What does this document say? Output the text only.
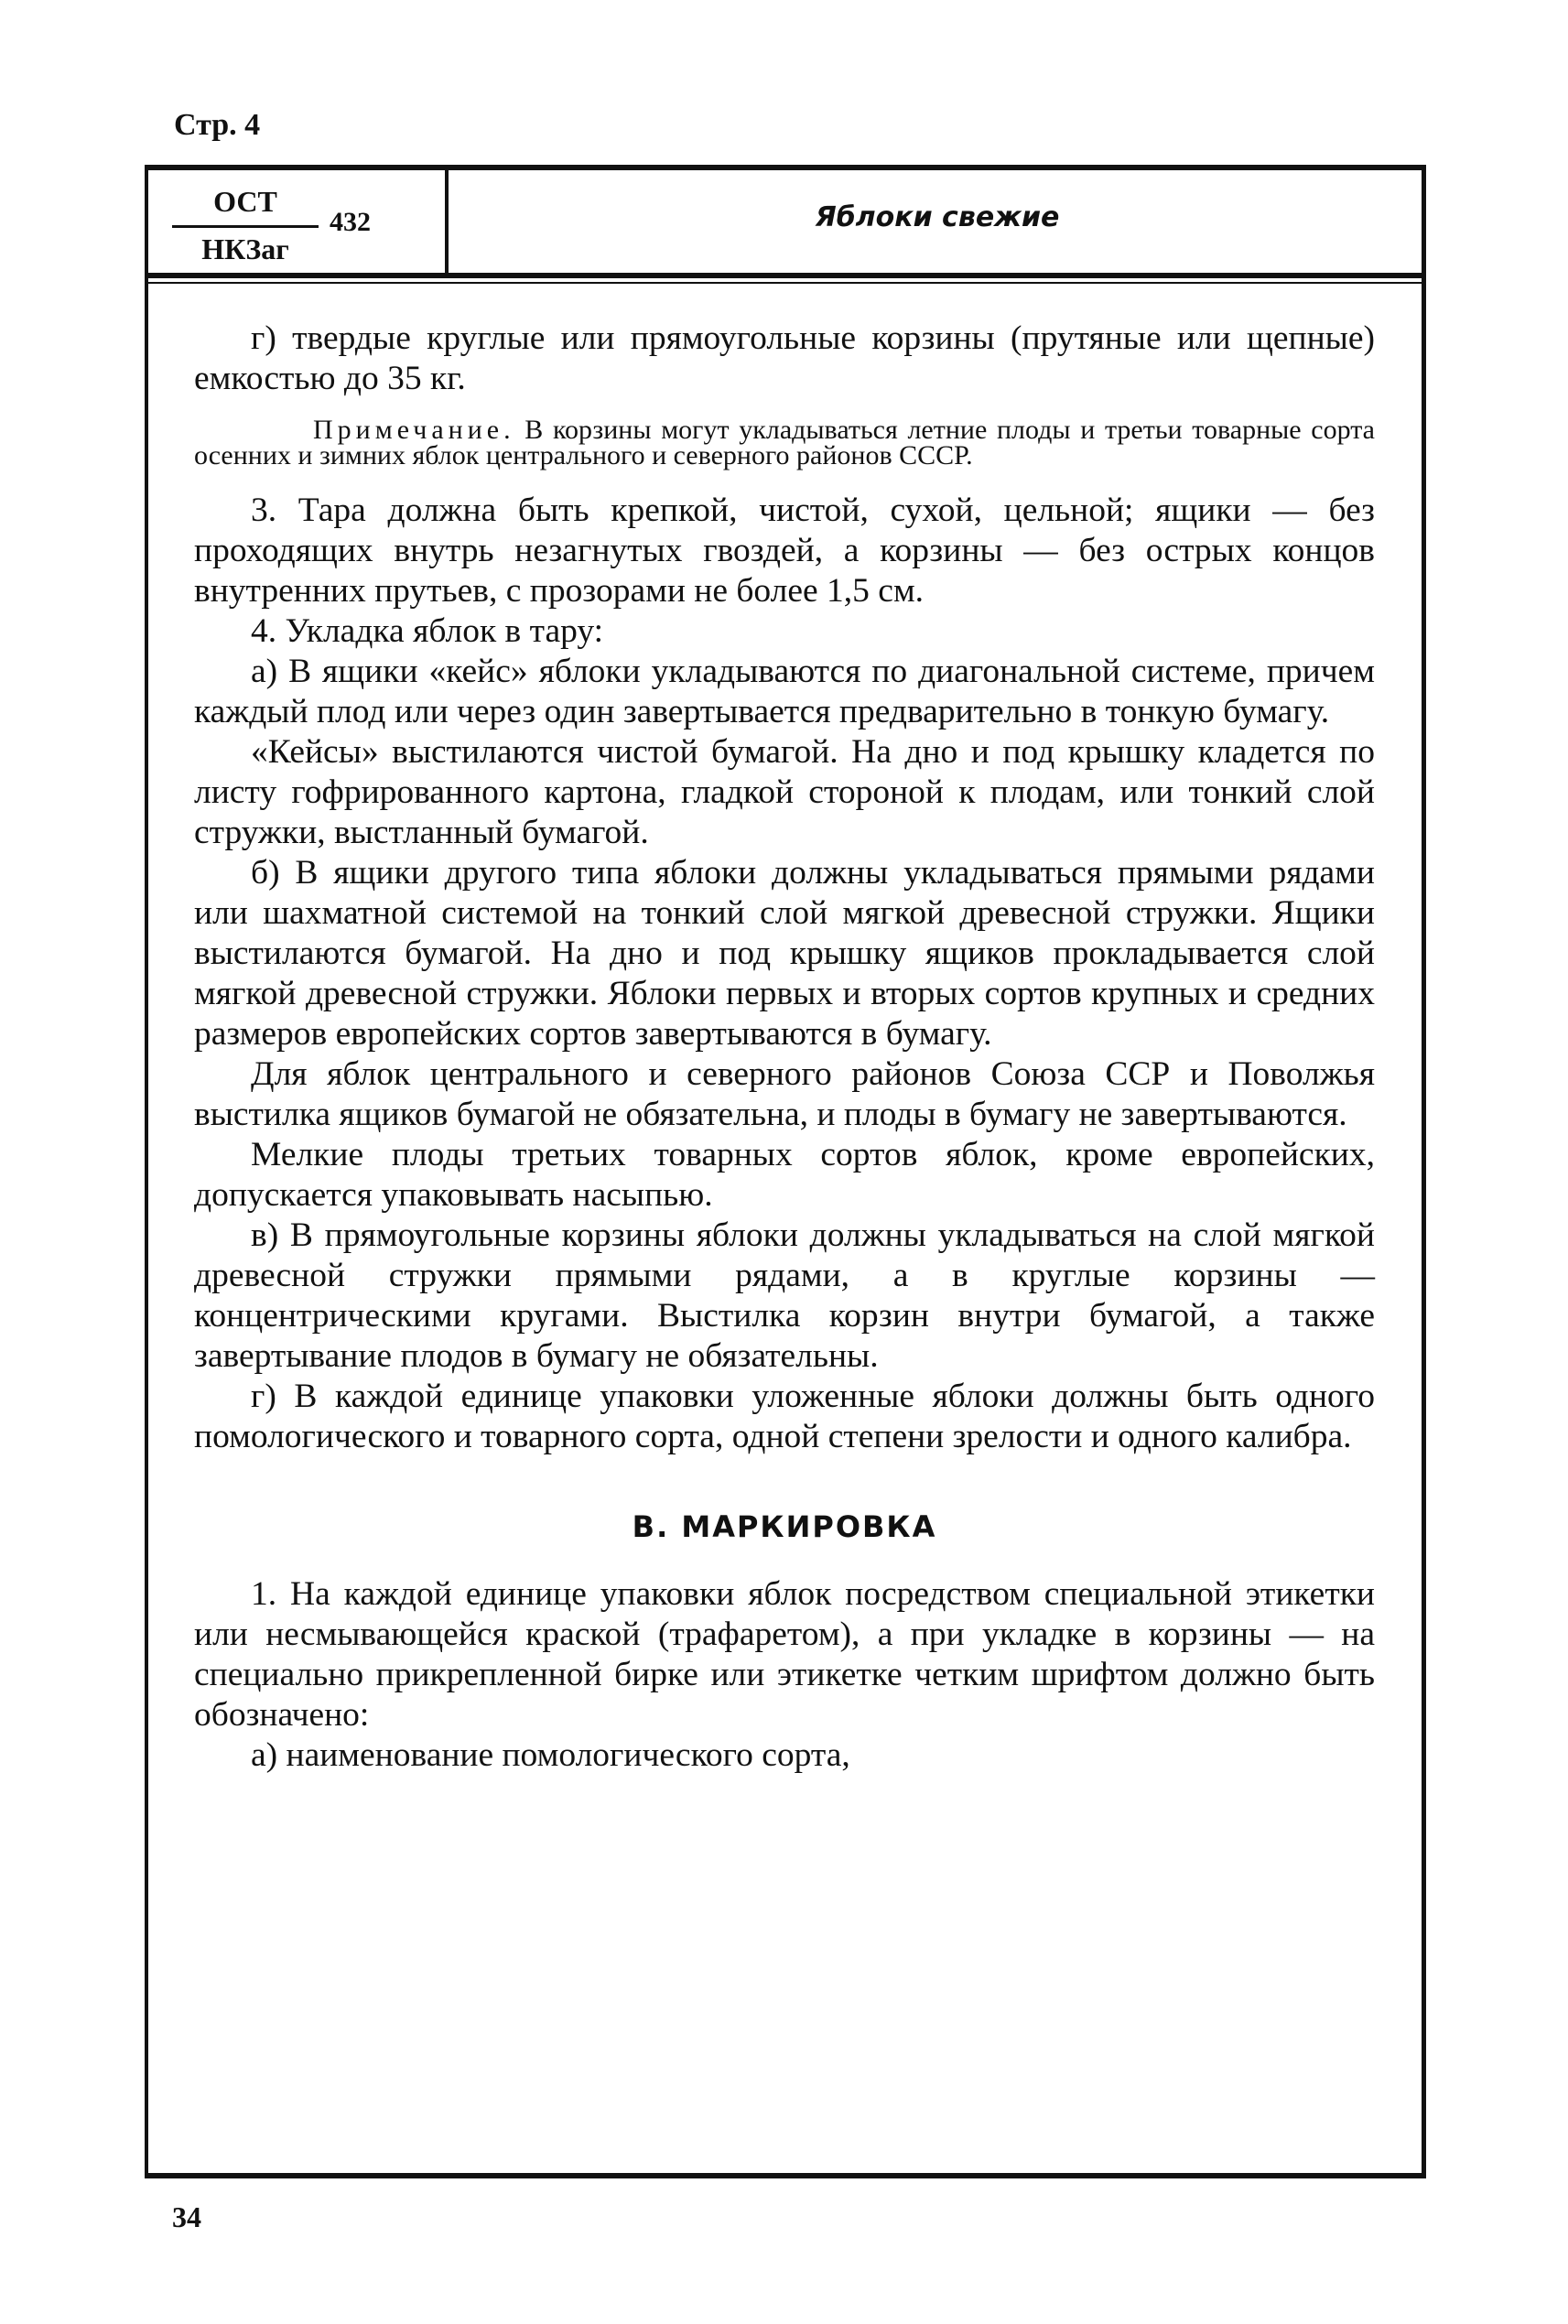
Стр. 4
ОСТ
НКЗаг
432	Яблоки свежие

г) твердые круглые или прямоугольные корзины (прутяные или щепные) емкостью до 35 кг.

Примечание. В корзины могут укладываться летние плоды и третьи товарные сорта осенних и зимних яблок центрального и северного районов СССР.

3. Тара должна быть крепкой, чистой, сухой, цельной; ящики — без проходящих внутрь незагнутых гвоздей, а корзины — без острых концов внутренних прутьев, с прозорами не более 1,5 см.

4. Укладка яблок в тару:

а) В ящики «кейс» яблоки укладываются по диагональной системе, причем каждый плод или через один завертывается предварительно в тонкую бумагу.

«Кейсы» выстилаются чистой бумагой. На дно и под крышку кладется по листу гофрированного картона, гладкой стороной к плодам, или тонкий слой стружки, выстланный бумагой.

б) В ящики другого типа яблоки должны укладываться прямыми рядами или шахматной системой на тонкий слой мягкой древесной стружки. Ящики выстилаются бумагой. На дно и под крышку ящиков прокладывается слой мягкой древесной стружки. Яблоки первых и вторых сортов крупных и средних размеров европейских сортов завертываются в бумагу.

Для яблок центрального и северного районов Союза ССР и Поволжья выстилка ящиков бумагой не обязательна, и плоды в бумагу не завертываются.

Мелкие плоды третьих товарных сортов яблок, кроме европейских, допускается упаковывать насыпью.

в) В прямоугольные корзины яблоки должны укладываться на слой мягкой древесной стружки прямыми рядами, а в круглые корзины — концентрическими кругами. Выстилка корзин внутри бумагой, а также завертывание плодов в бумагу не обязательны.

г) В каждой единице упаковки уложенные яблоки должны быть одного помологического и товарного сорта, одной степени зрелости и одного калибра.

В. МАРКИРОВКА

1. На каждой единице упаковки яблок посредством специальной этикетки или несмывающейся краской (трафаретом), а при укладке в корзины — на специально прикрепленной бирке или этикетке четким шрифтом должно быть обозначено:

а) наименование помологического сорта,

34
